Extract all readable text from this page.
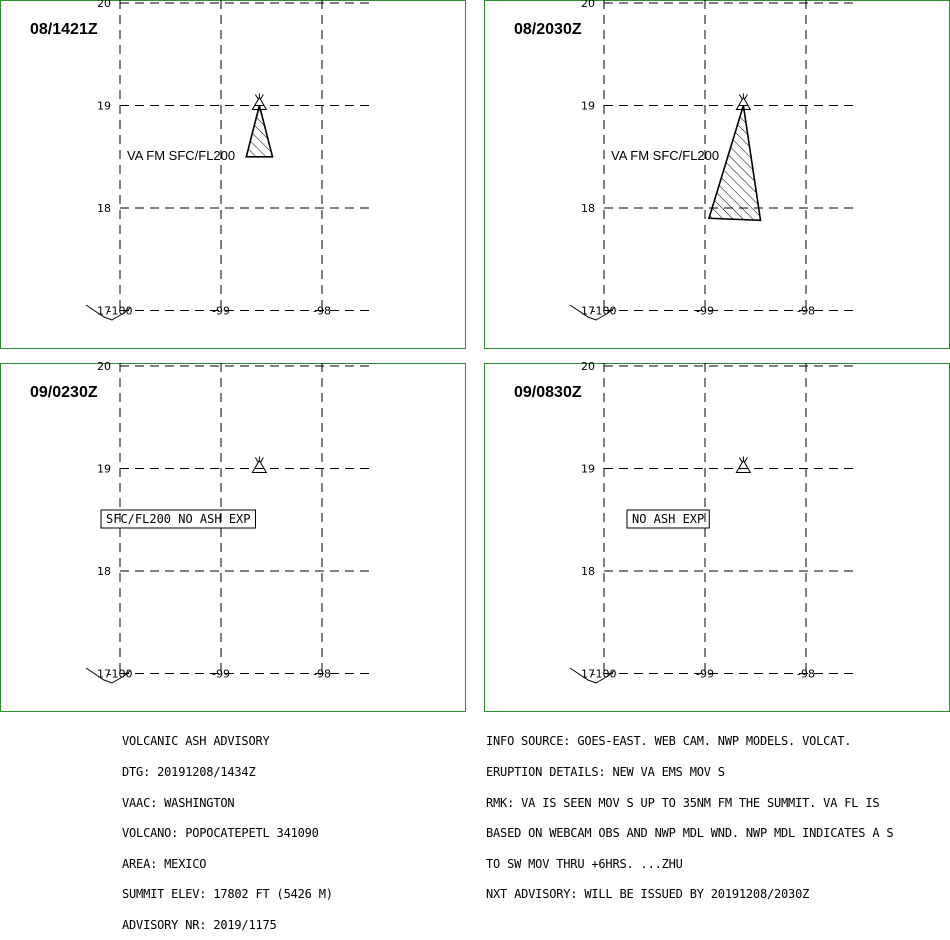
20
19
18
17
-100	-99	-98
08/1421Z
VA FM SFC/FL200
20
19
18
17
-100	-99	-98
08/2030Z
VA FM SFC/FL200
20
19
18
17
-100	-99	-98
09/0230Z
SFC/FL200 NO ASH EXP
20
19
18
17
-100	-99	-98
09/0830Z
NO ASH EXP

VOLCANIC ASH ADVISORY

DTG: 20191208/1434Z

VAAC: WASHINGTON

VOLCANO: POPOCATEPETL 341090

AREA: MEXICO

SUMMIT ELEV: 17802 FT (5426 M)

ADVISORY NR: 2019/1175

INFO SOURCE: GOES-EAST. WEB CAM. NWP MODELS. VOLCAT.

ERUPTION DETAILS: NEW VA EMS MOV S

RMK: VA IS SEEN MOV S UP TO 35NM FM THE SUMMIT. VA FL IS

BASED ON WEBCAM OBS AND NWP MDL WND. NWP MDL INDICATES A S

TO SW MOV THRU +6HRS. ...ZHU

NXT ADVISORY: WILL BE ISSUED BY 20191208/2030Z
